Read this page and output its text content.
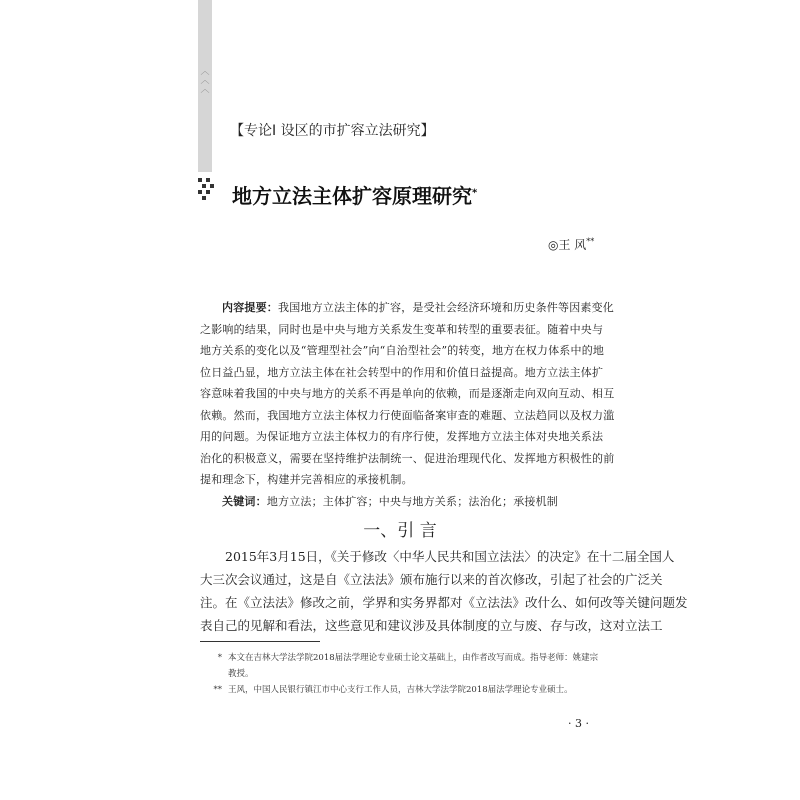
︿
︿
︿
【专论Ⅰ 设区的市扩容立法研究】
地方立法主体扩容原理研究*
◎王 风**
内容提要：我国地方立法主体的扩容，是受社会经济环境和历史条件等因素变化
之影响的结果，同时也是中央与地方关系发生变革和转型的重要表征。随着中央与
地方关系的变化以及“管理型社会”向“自治型社会”的转变，地方在权力体系中的地
位日益凸显，地方立法主体在社会转型中的作用和价值日益提高。地方立法主体扩
容意味着我国的中央与地方的关系不再是单向的依赖，而是逐渐走向双向互动、相互
依赖。然而，我国地方立法主体权力行使面临备案审查的难题、立法趋同以及权力滥
用的问题。为保证地方立法主体权力的有序行使，发挥地方立法主体对央地关系法
治化的积极意义，需要在坚持维护法制统一、促进治理现代化、发挥地方积极性的前
提和理念下，构建并完善相应的承接机制。
关键词：地方立法；主体扩容；中央与地方关系；法治化；承接机制
一、引 言
2015年3月15日，《关于修改〈中华人民共和国立法法〉的决定》在十二届全国人
大三次会议通过，这是自《立法法》颁布施行以来的首次修改，引起了社会的广泛关
注。在《立法法》修改之前，学界和实务界都对《立法法》改什么、如何改等关键问题发
表自己的见解和看法，这些意见和建议涉及具体制度的立与废、存与改，这对立法工
* 本文在吉林大学法学院2018届法学理论专业硕士论文基础上，由作者改写而成。指导老师：姚建宗
教授。
** 王风，中国人民银行镇江市中心支行工作人员，吉林大学法学院2018届法学理论专业硕士。
· 3 ·
